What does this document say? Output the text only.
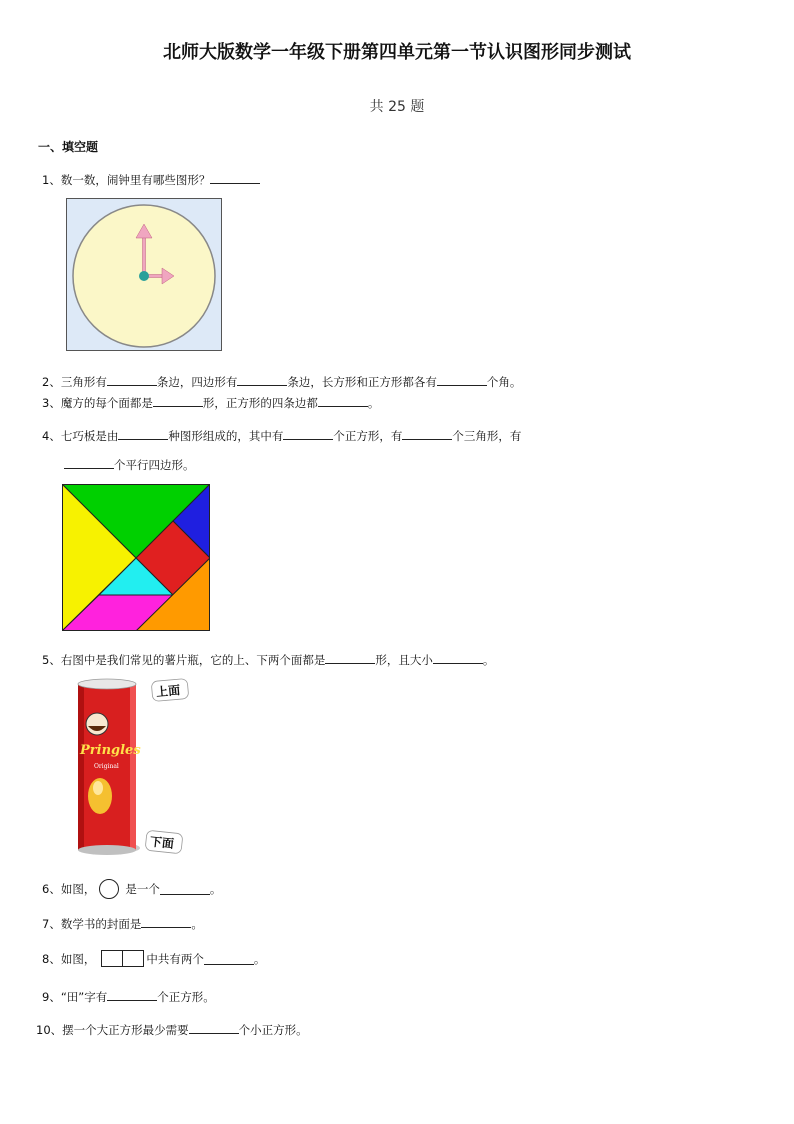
北师大版数学一年级下册第四单元第一节认识图形同步测试
共 25 题
一、填空题
1、数一数，闹钟里有哪些图形？
2、三角形有	条边，四边形有	条边，长方形和正方形都各有	个角。
3、魔方的每个面都是	形，正方形的四条边都	。
4、七巧板是由	种图形组成的，其中有	个正方形，有	个三角形，有
个平行四边形。
5、右图中是我们常见的薯片瓶，它的上、下两个面都是	形，且大小	。
Pringles
Original
上面
下面
6、 如图，	是一个	。
7、数学书的封面是	。
8、 如图，	中共有两个	。
9、“田”字有	个正方形。
10、摆一个大正方形最少需要	个小正方形。
